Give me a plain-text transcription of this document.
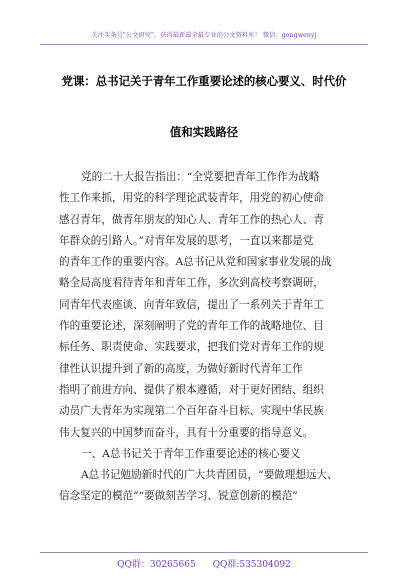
关注头条号"公文研究"，获得最新最全最专业的公文资料库！ 微信：gongwenyj
党课：总书记关于青年工作重要论述的核心要义、时代价
值和实践路径
党的二十大报告指出：“全党要把青年工作作为战略
性工作来抓，用党的科学理论武装青年，用党的初心使命
感召青年，做青年朋友的知心人、青年工作的热心人、青
年群众的引路人。”对青年发展的思考，一直以来都是党
的青年工作的重要内容。A总书记从党和国家事业发展的战
略全局高度看待青年和青年工作，多次到高校考察调研，
同青年代表座谈、向青年致信，提出了一系列关于青年工
作的重要论述，深刻阐明了党的青年工作的战略地位、目
标任务、职责使命、实践要求，把我们党对青年工作的规
律性认识提升到了新的高度，为做好新时代青年工作
指明了前进方向、提供了根本遵循，对于更好团结、组织
动员广大青年为实现第二个百年奋斗目标、实现中华民族
伟大复兴的中国梦而奋斗，具有十分重要的指导意义。
一、A总书记关于青年工作重要论述的核心要义
A总书记勉励新时代的广大共青团员，“要做理想远大、
信念坚定的模范”“要做刻苦学习、锐意创新的模范”
QQ群：30265665 QQ群:535304092
